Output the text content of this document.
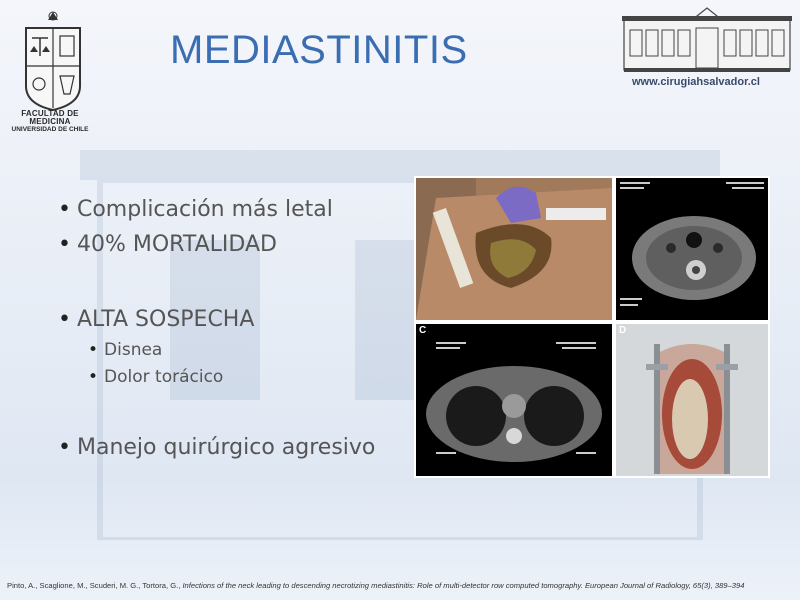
FACULTAD DE MEDICINA
UNIVERSIDAD DE CHILE
MEDIASTINITIS
www.cirugiahsalvador.cl
• Complicación más letal
• 40% MORTALIDAD
• ALTA SOSPECHA
• Disnea
• Dolor torácico
• Manejo quirúrgico agresivo
C	D
Pinto, A., Scaglione, M., Scuderi, M. G., Tortora, G., Infections of the neck leading to descending necrotizing mediastinitis: Role of multi-detector row computed tomography. European Journal of Radiology, 65(3), 389–394
